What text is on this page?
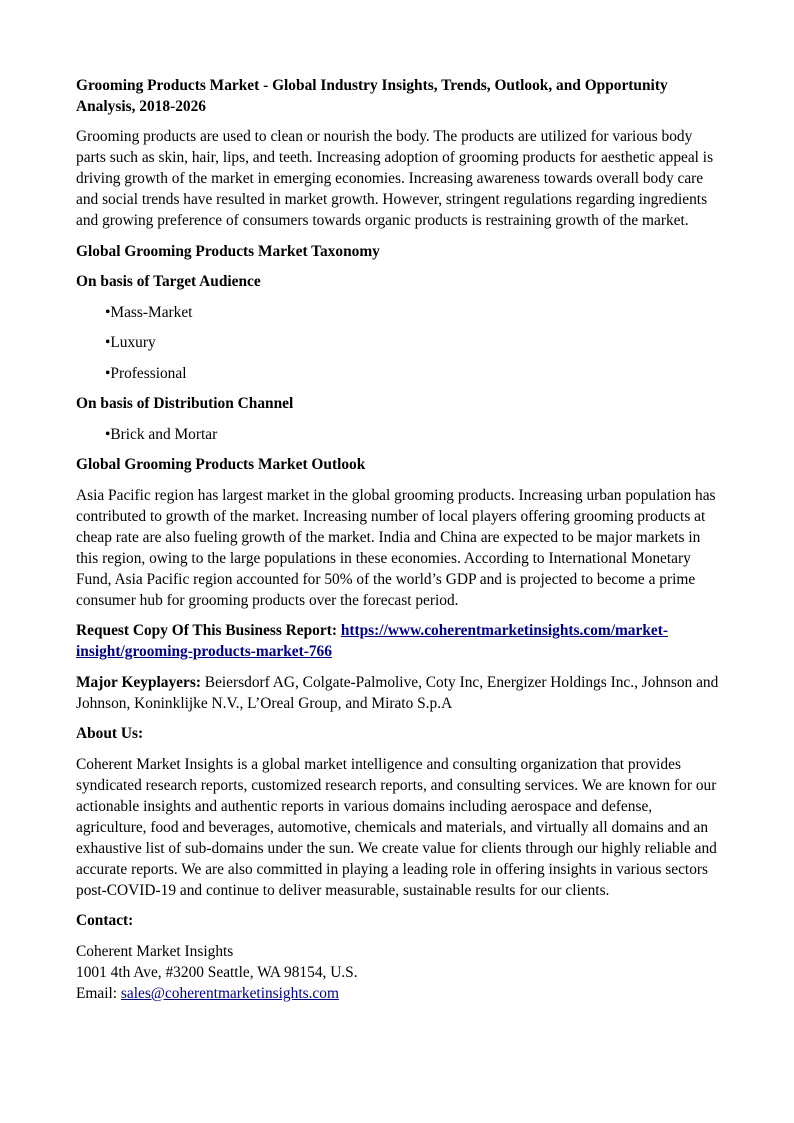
Grooming Products Market - Global Industry Insights, Trends, Outlook, and Opportunity Analysis, 2018-2026

Grooming products are used to clean or nourish the body. The products are utilized for various body parts such as skin, hair, lips, and teeth. Increasing adoption of grooming products for aesthetic appeal is driving growth of the market in emerging economies. Increasing awareness towards overall body care and social trends have resulted in market growth. However, stringent regulations regarding ingredients and growing preference of consumers towards organic products is restraining growth of the market.

Global Grooming Products Market Taxonomy

On basis of Target Audience

•Mass-Market

•Luxury

•Professional

On basis of Distribution Channel

•Brick and Mortar

Global Grooming Products Market Outlook

Asia Pacific region has largest market in the global grooming products. Increasing urban population has contributed to growth of the market. Increasing number of local players offering grooming products at cheap rate are also fueling growth of the market. India and China are expected to be major markets in this region, owing to the large populations in these economies. According to International Monetary Fund, Asia Pacific region accounted for 50% of the world’s GDP and is projected to become a prime consumer hub for grooming products over the forecast period.

Request Copy Of This Business Report: https://www.coherentmarketinsights.com/market-insight/grooming-products-market-766

Major Keyplayers: Beiersdorf AG, Colgate-Palmolive, Coty Inc, Energizer Holdings Inc., Johnson and Johnson, Koninklijke N.V., L’Oreal Group, and Mirato S.p.A

About Us:

Coherent Market Insights is a global market intelligence and consulting organization that provides syndicated research reports, customized research reports, and consulting services. We are known for our actionable insights and authentic reports in various domains including aerospace and defense, agriculture, food and beverages, automotive, chemicals and materials, and virtually all domains and an exhaustive list of sub-domains under the sun. We create value for clients through our highly reliable and accurate reports. We are also committed in playing a leading role in offering insights in various sectors post-COVID-19 and continue to deliver measurable, sustainable results for our clients.

Contact:

Coherent Market Insights

1001 4th Ave, #3200 Seattle, WA 98154, U.S.

Email: sales@coherentmarketinsights.com
